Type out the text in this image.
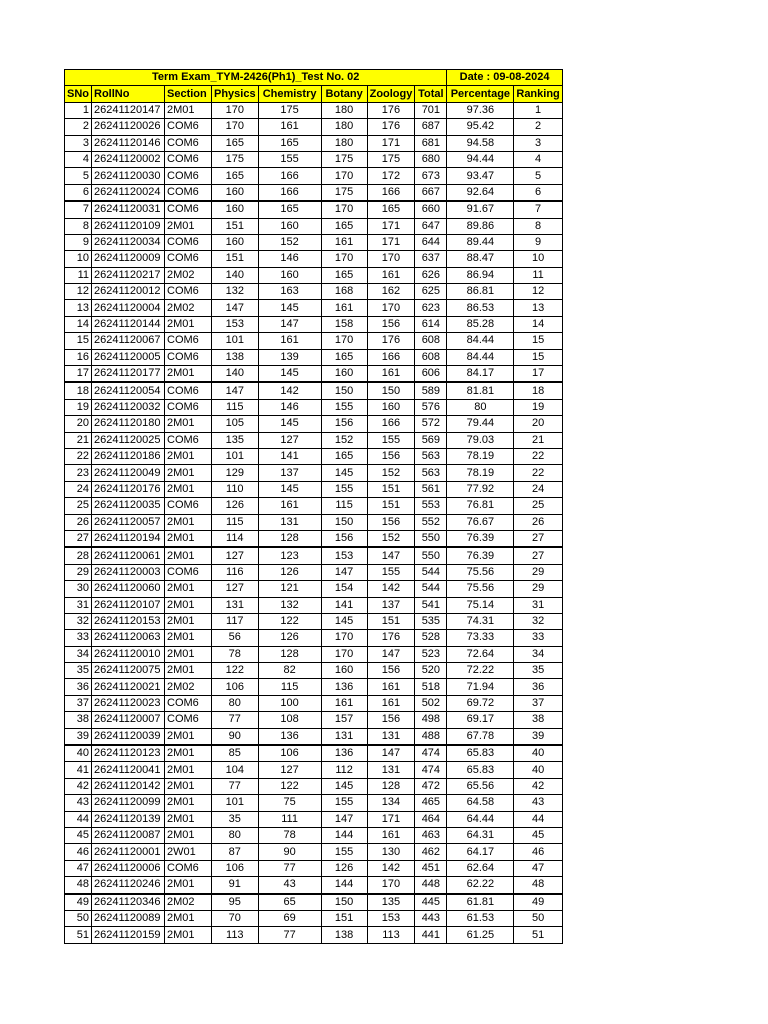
Term Exam_TYM-2426(Ph1)_Test No. 02								Date : 09-08-2024	
SNo	RollNo	Section	Physics	Chemistry	Botany	Zoology	Total	Percentage	Ranking
1	26241120147	2M01	170	175	180	176	701	97.36	1
2	26241120026	COM6	170	161	180	176	687	95.42	2
3	26241120146	COM6	165	165	180	171	681	94.58	3
4	26241120002	COM6	175	155	175	175	680	94.44	4
5	26241120030	COM6	165	166	170	172	673	93.47	5
6	26241120024	COM6	160	166	175	166	667	92.64	6
7	26241120031	COM6	160	165	170	165	660	91.67	7
8	26241120109	2M01	151	160	165	171	647	89.86	8
9	26241120034	COM6	160	152	161	171	644	89.44	9
10	26241120009	COM6	151	146	170	170	637	88.47	10
11	26241120217	2M02	140	160	165	161	626	86.94	11
12	26241120012	COM6	132	163	168	162	625	86.81	12
13	26241120004	2M02	147	145	161	170	623	86.53	13
14	26241120144	2M01	153	147	158	156	614	85.28	14
15	26241120067	COM6	101	161	170	176	608	84.44	15
16	26241120005	COM6	138	139	165	166	608	84.44	15
17	26241120177	2M01	140	145	160	161	606	84.17	17
18	26241120054	COM6	147	142	150	150	589	81.81	18
19	26241120032	COM6	115	146	155	160	576	80	19
20	26241120180	2M01	105	145	156	166	572	79.44	20
21	26241120025	COM6	135	127	152	155	569	79.03	21
22	26241120186	2M01	101	141	165	156	563	78.19	22
23	26241120049	2M01	129	137	145	152	563	78.19	22
24	26241120176	2M01	110	145	155	151	561	77.92	24
25	26241120035	COM6	126	161	115	151	553	76.81	25
26	26241120057	2M01	115	131	150	156	552	76.67	26
27	26241120194	2M01	114	128	156	152	550	76.39	27
28	26241120061	2M01	127	123	153	147	550	76.39	27
29	26241120003	COM6	116	126	147	155	544	75.56	29
30	26241120060	2M01	127	121	154	142	544	75.56	29
31	26241120107	2M01	131	132	141	137	541	75.14	31
32	26241120153	2M01	117	122	145	151	535	74.31	32
33	26241120063	2M01	56	126	170	176	528	73.33	33
34	26241120010	2M01	78	128	170	147	523	72.64	34
35	26241120075	2M01	122	82	160	156	520	72.22	35
36	26241120021	2M02	106	115	136	161	518	71.94	36
37	26241120023	COM6	80	100	161	161	502	69.72	37
38	26241120007	COM6	77	108	157	156	498	69.17	38
39	26241120039	2M01	90	136	131	131	488	67.78	39
40	26241120123	2M01	85	106	136	147	474	65.83	40
41	26241120041	2M01	104	127	112	131	474	65.83	40
42	26241120142	2M01	77	122	145	128	472	65.56	42
43	26241120099	2M01	101	75	155	134	465	64.58	43
44	26241120139	2M01	35	111	147	171	464	64.44	44
45	26241120087	2M01	80	78	144	161	463	64.31	45
46	26241120001	2W01	87	90	155	130	462	64.17	46
47	26241120006	COM6	106	77	126	142	451	62.64	47
48	26241120246	2M01	91	43	144	170	448	62.22	48
49	26241120346	2M02	95	65	150	135	445	61.81	49
50	26241120089	2M01	70	69	151	153	443	61.53	50
51	26241120159	2M01	113	77	138	113	441	61.25	51
